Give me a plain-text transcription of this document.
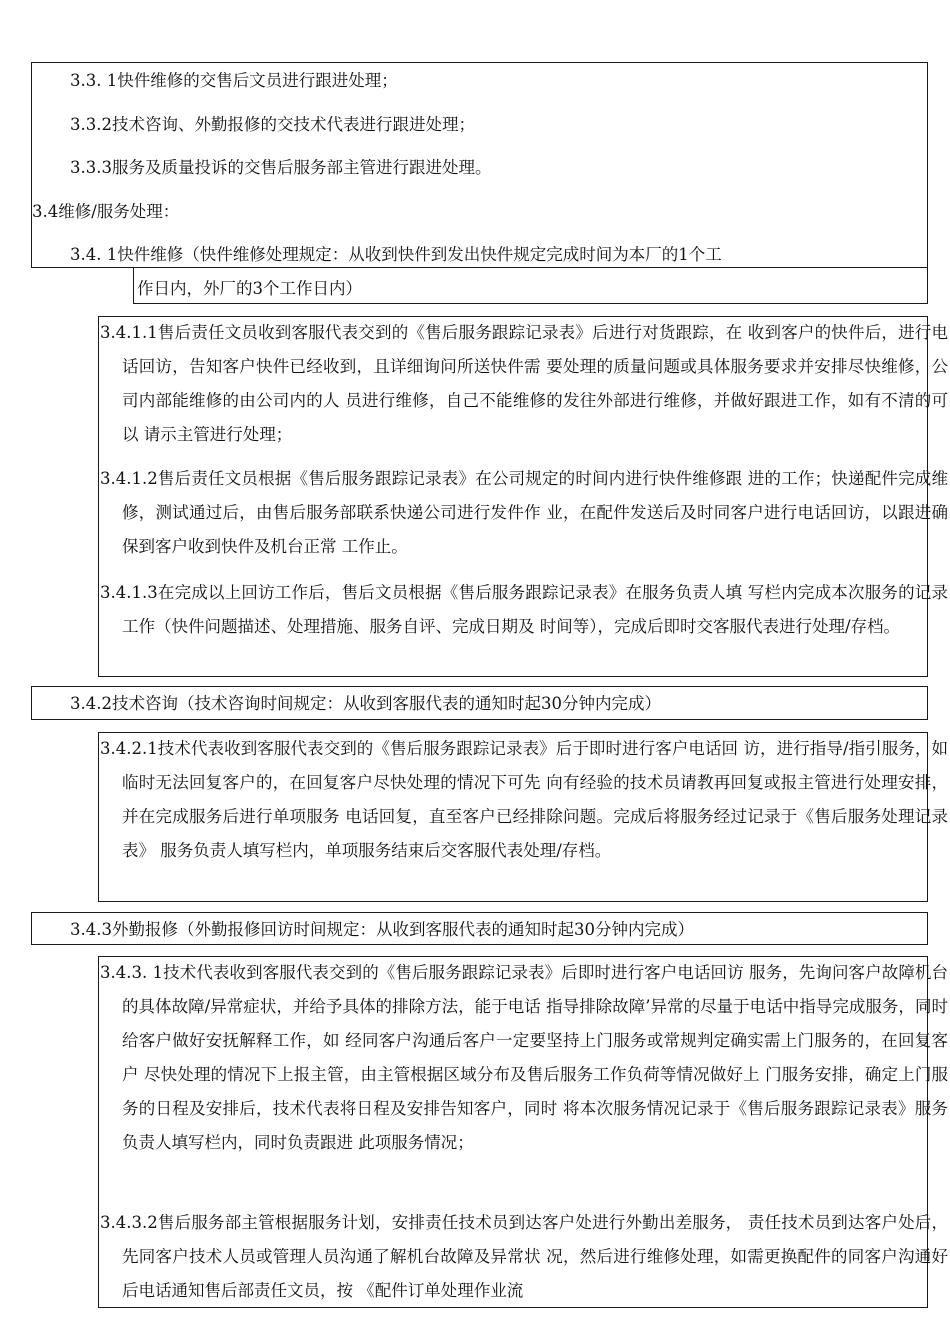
3.3. 1快件维修的交售后文员进行跟进处理；
3.3.2技术咨询、外勤报修的交技术代表进行跟进处理；
3.3.3服务及质量投诉的交售后服务部主管进行跟进处理。
3.4维修/服务处理：
3.4. 1快件维修（快件维修处理规定：从收到快件到发出快件规定完成时间为本厂的1个工
作日内，外厂的3个工作日内）
3.4.1.1售后责任文员收到客服代表交到的《售后服务跟踪记录表》后进行对货跟踪，在 收到客户的快件后，进行电话回访，告知客户快件已经收到，且详细询问所送快件需 要处理的质量问题或具体服务要求并安排尽快维修，公司内部能维修的由公司内的人 员进行维修，自己不能维修的发往外部进行维修，并做好跟进工作，如有不清的可以 请示主管进行处理；
3.4.1.2售后责任文员根据《售后服务跟踪记录表》在公司规定的时间内进行快件维修跟 进的工作；快递配件完成维修，测试通过后，由售后服务部联系快递公司进行发件作 业，在配件发送后及时同客户进行电话回访，以跟进确保到客户收到快件及机台正常 工作止。
3.4.1.3在完成以上回访工作后，售后文员根据《售后服务跟踪记录表》在服务负责人填 写栏内完成本次服务的记录工作（快件问题描述、处理措施、服务自评、完成日期及 时间等），完成后即时交客服代表进行处理/存档。
3.4.2技术咨询（技术咨询时间规定：从收到客服代表的通知时起30分钟内完成）
3.4.2.1技术代表收到客服代表交到的《售后服务跟踪记录表》后于即时进行客户电话回 访，进行指导/指引服务，如临时无法回复客户的，在回复客户尽快处理的情况下可先 向有经验的技术员请教再回复或报主管进行处理安排，并在完成服务后进行单项服务 电话回复，直至客户已经排除问题。完成后将服务经过记录于《售后服务处理记录表》 服务负责人填写栏内，单项服务结束后交客服代表处理/存档。
3.4.3外勤报修（外勤报修回访时间规定：从收到客服代表的通知时起30分钟内完成）
3.4.3. 1技术代表收到客服代表交到的《售后服务跟踪记录表》后即时进行客户电话回访 服务，先询问客户故障机台的具体故障/异常症状，并给予具体的排除方法，能于电话 指导排除故障’异常的尽量于电话中指导完成服务，同时给客户做好安抚解释工作，如 经同客户沟通后客户一定要坚持上门服务或常规判定确实需上门服务的，在回复客户 尽快处理的情况下上报主管，由主管根据区域分布及售后服务工作负荷等情况做好上 门服务安排，确定上门服务的日程及安排后，技术代表将日程及安排告知客户，同时 将本次服务情况记录于《售后服务跟踪记录表》服务负责人填写栏内，同时负责跟进 此项服务情况；
3.4.3.2售后服务部主管根据服务计划，安排责任技术员到达客户处进行外勤出差服务， 责任技术员到达客户处后，先同客户技术人员或管理人员沟通了解机台故障及异常状 况，然后进行维修处理，如需更换配件的同客户沟通好后电话通知售后部责任文员，按 《配件订单处理作业流
